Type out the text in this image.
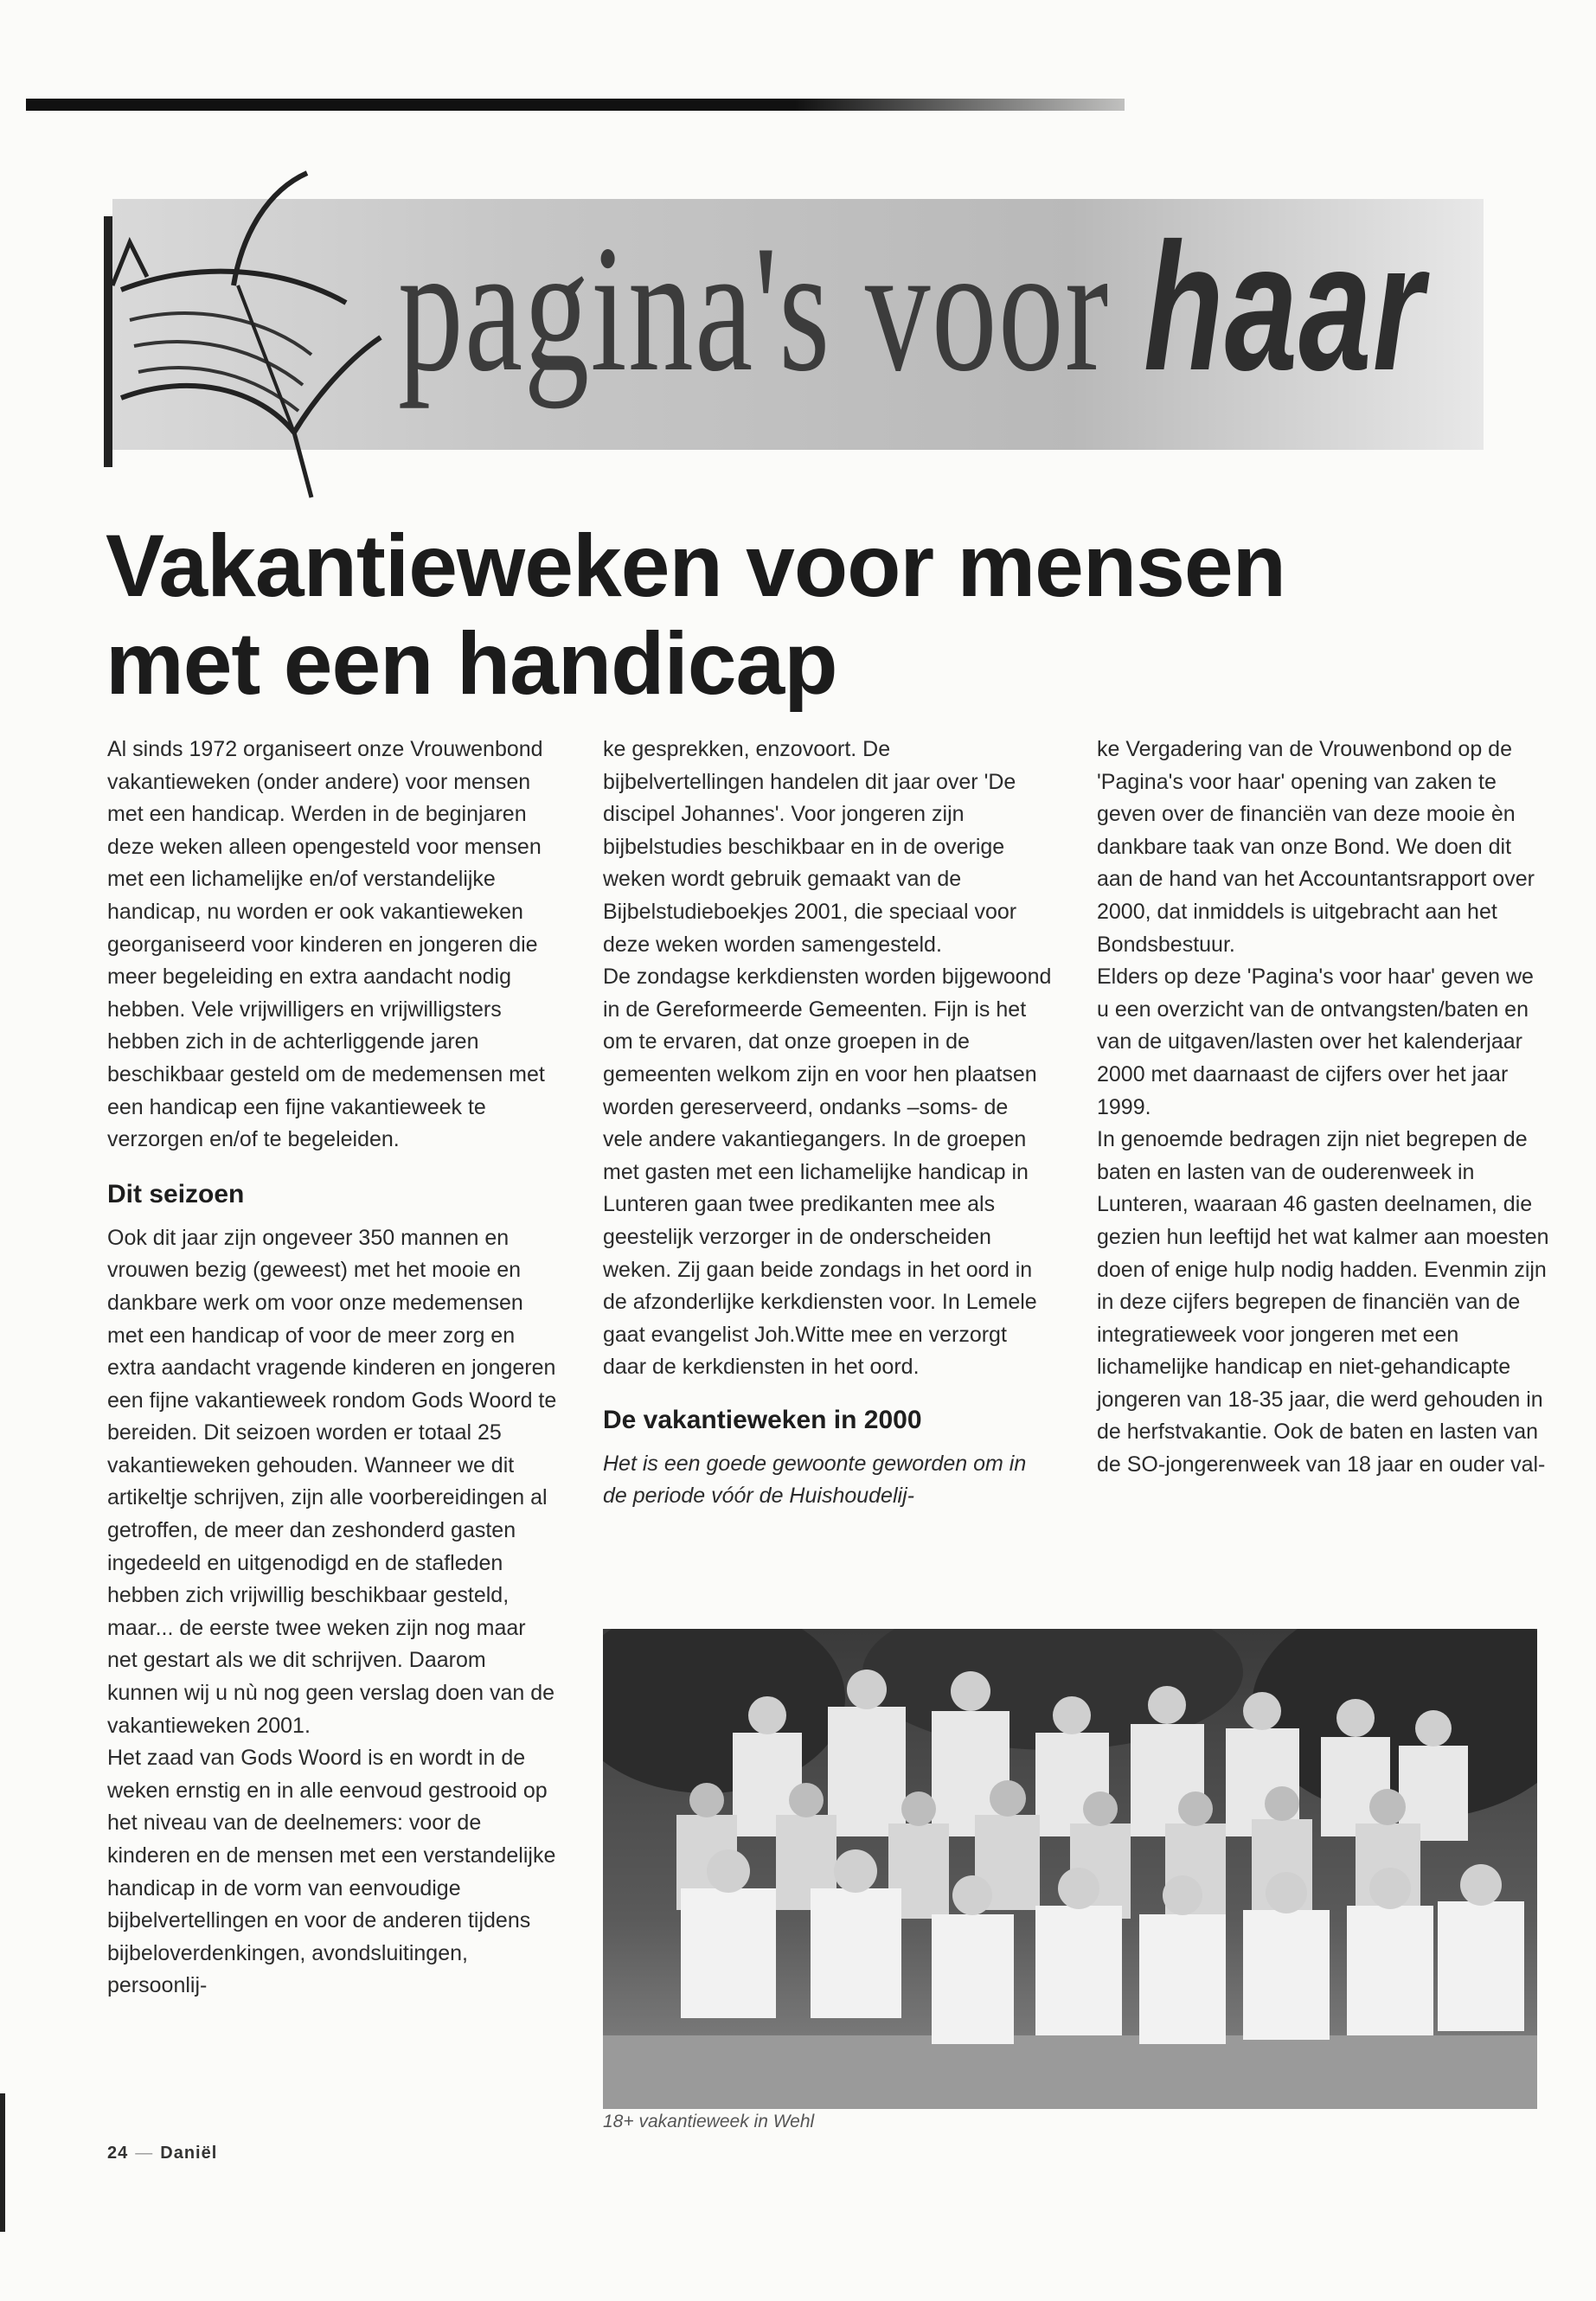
pagina's voor haar
Vakantieweken voor mensen
met een handicap

Al sinds 1972 organiseert onze Vrouwenbond vakantieweken (onder andere) voor mensen met een handicap. Werden in de beginjaren deze weken alleen opengesteld voor mensen met een lichamelijke en/of verstandelijke handicap, nu worden er ook vakantieweken georganiseerd voor kinderen en jongeren die meer begeleiding en extra aandacht nodig hebben. Vele vrijwilligers en vrijwilligsters hebben zich in de achterliggende jaren beschikbaar gesteld om de medemensen met een handicap een fijne vakantieweek te verzorgen en/of te begeleiden.

Dit seizoen

Ook dit jaar zijn ongeveer 350 mannen en vrouwen bezig (geweest) met het mooie en dankbare werk om voor onze medemensen met een handicap of voor de meer zorg en extra aandacht vragende kinderen en jongeren een fijne vakantieweek rondom Gods Woord te bereiden. Dit seizoen worden er totaal 25 vakantieweken gehouden. Wanneer we dit artikeltje schrijven, zijn alle voorbereidingen al getroffen, de meer dan zeshonderd gasten ingedeeld en uitgenodigd en de stafleden hebben zich vrijwillig beschikbaar gesteld, maar... de eerste twee weken zijn nog maar net gestart als we dit schrijven. Daarom kunnen wij u nù nog geen verslag doen van de vakantieweken 2001.

Het zaad van Gods Woord is en wordt in de weken ernstig en in alle eenvoud gestrooid op het niveau van de deelnemers: voor de kinderen en de mensen met een verstandelijke handicap in de vorm van eenvoudige bijbelvertellingen en voor de anderen tijdens bijbeloverdenkingen, avondsluitingen, persoonlij-

ke gesprekken, enzovoort. De bijbelvertellingen handelen dit jaar over 'De discipel Johannes'. Voor jongeren zijn bijbelstudies beschikbaar en in de overige weken wordt gebruik gemaakt van de Bijbelstudieboekjes 2001, die speciaal voor deze weken worden samengesteld.

De zondagse kerkdiensten worden bijgewoond in de Gereformeerde Gemeenten. Fijn is het om te ervaren, dat onze groepen in de gemeenten welkom zijn en voor hen plaatsen worden gereserveerd, ondanks –soms- de vele andere vakantiegangers. In de groepen met gasten met een lichamelijke handicap in Lunteren gaan twee predikanten mee als geestelijk verzorger in de onderscheiden weken. Zij gaan beide zondags in het oord in de afzonderlijke kerkdiensten voor. In Lemele gaat evangelist Joh.Witte mee en verzorgt daar de kerkdiensten in het oord.

De vakantieweken in 2000

Het is een goede gewoonte geworden om in de periode vóór de Huishoudelij-

ke Vergadering van de Vrouwenbond op de 'Pagina's voor haar' opening van zaken te geven over de financiën van deze mooie èn dankbare taak van onze Bond. We doen dit aan de hand van het Accountantsrapport over 2000, dat inmiddels is uitgebracht aan het Bondsbestuur.

Elders op deze 'Pagina's voor haar' geven we u een overzicht van de ontvangsten/baten en van de uitgaven/lasten over het kalenderjaar 2000 met daarnaast de cijfers over het jaar 1999.

In genoemde bedragen zijn niet begrepen de baten en lasten van de ouderenweek in Lunteren, waaraan 46 gasten deelnamen, die gezien hun leeftijd het wat kalmer aan moesten doen of enige hulp nodig hadden. Evenmin zijn in deze cijfers begrepen de financiën van de integratieweek voor jongeren met een lichamelijke handicap en niet-gehandicapte jongeren van 18-35 jaar, die werd gehouden in de herfstvakantie. Ook de baten en lasten van de SO-jongerenweek van 18 jaar en ouder val-

18+ vakantieweek in Wehl
24 — Daniël
